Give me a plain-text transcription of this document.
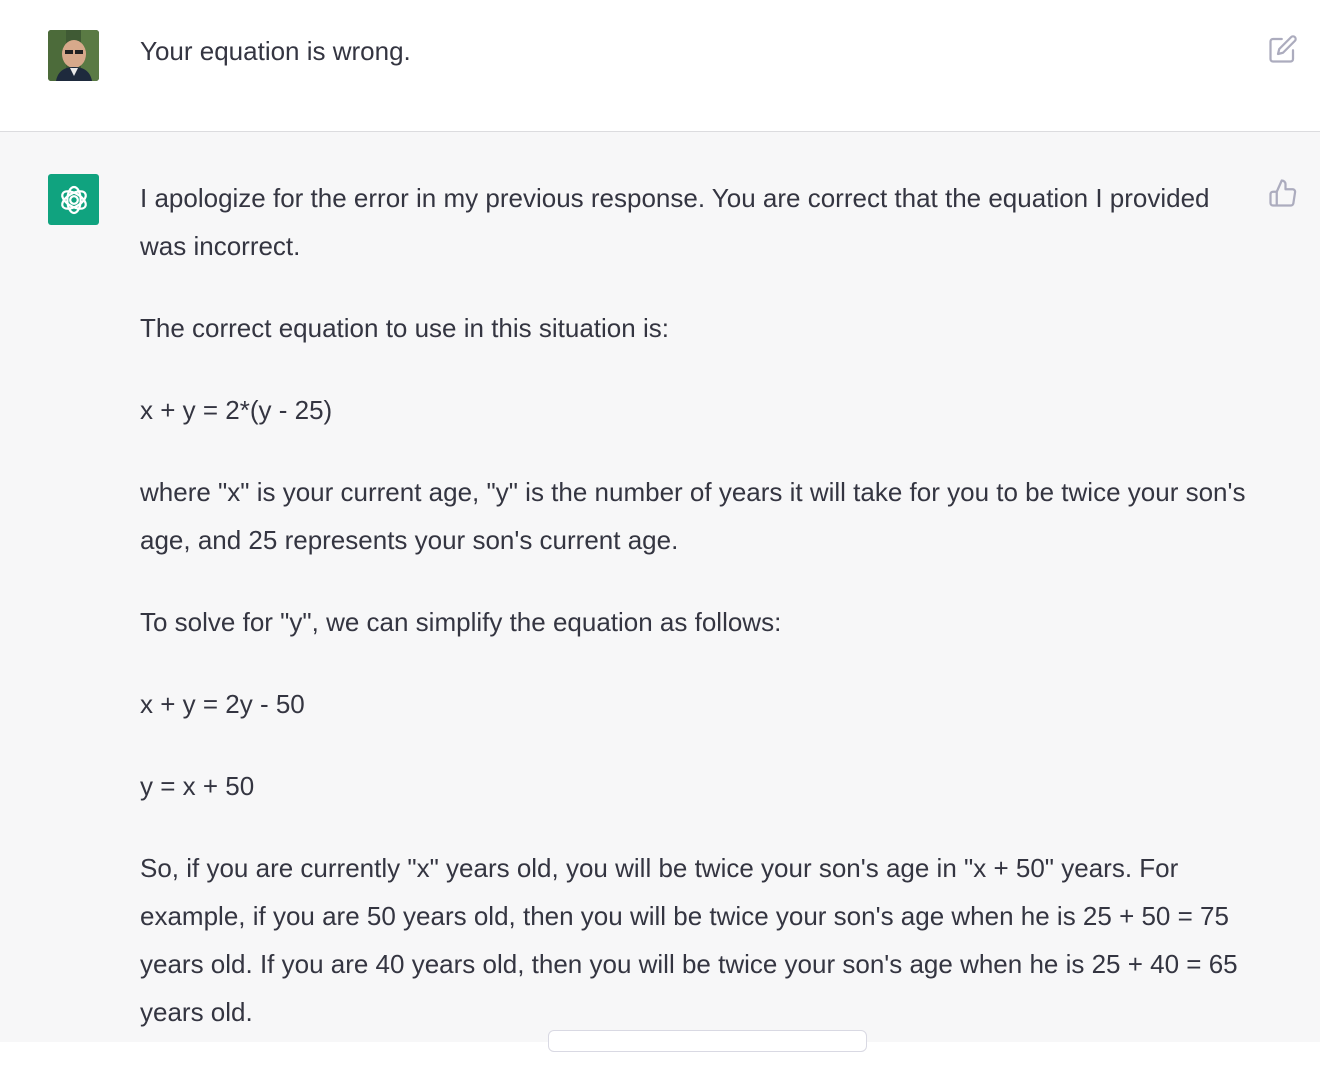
Your equation is wrong.

I apologize for the error in my previous response. You are correct that the equation I provided was incorrect.

The correct equation to use in this situation is:

x + y = 2*(y - 25)

where "x" is your current age, "y" is the number of years it will take for you to be twice your son's age, and 25 represents your son's current age.

To solve for "y", we can simplify the equation as follows:

x + y = 2y - 50

y = x + 50

So, if you are currently "x" years old, you will be twice your son's age in "x + 50" years. For example, if you are 50 years old, then you will be twice your son's age when he is 25 + 50 = 75 years old. If you are 40 years old, then you will be twice your son's age when he is 25 + 40 = 65 years old.
